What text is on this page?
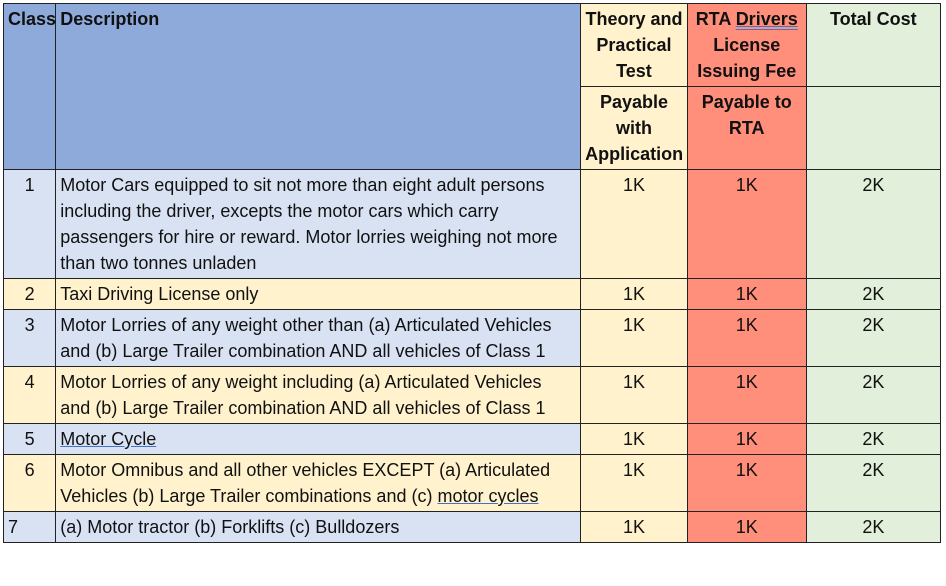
Class	Description	Theory and Practical Test	RTA Drivers License Issuing Fee	Total Cost
		Payable with Application	Payable to RTA	
1	Motor Cars equipped to sit not more than eight adult persons including the driver, excepts the motor cars which carry passengers for hire or reward. Motor lorries weighing not more than two tonnes unladen	1K	1K	2K
2	Taxi Driving License only	1K	1K	2K
3	Motor Lorries of any weight other than (a) Articulated Vehicles and (b) Large Trailer combination AND all vehicles of Class 1	1K	1K	2K
4	Motor Lorries of any weight including (a) Articulated Vehicles and (b) Large Trailer combination AND all vehicles of Class 1	1K	1K	2K
5	Motor Cycle	1K	1K	2K
6	Motor Omnibus and all other vehicles EXCEPT (a) Articulated Vehicles (b) Large Trailer combinations and (c) motor cycles	1K	1K	2K
7	(a) Motor tractor (b) Forklifts (c) Bulldozers	1K	1K	2K
